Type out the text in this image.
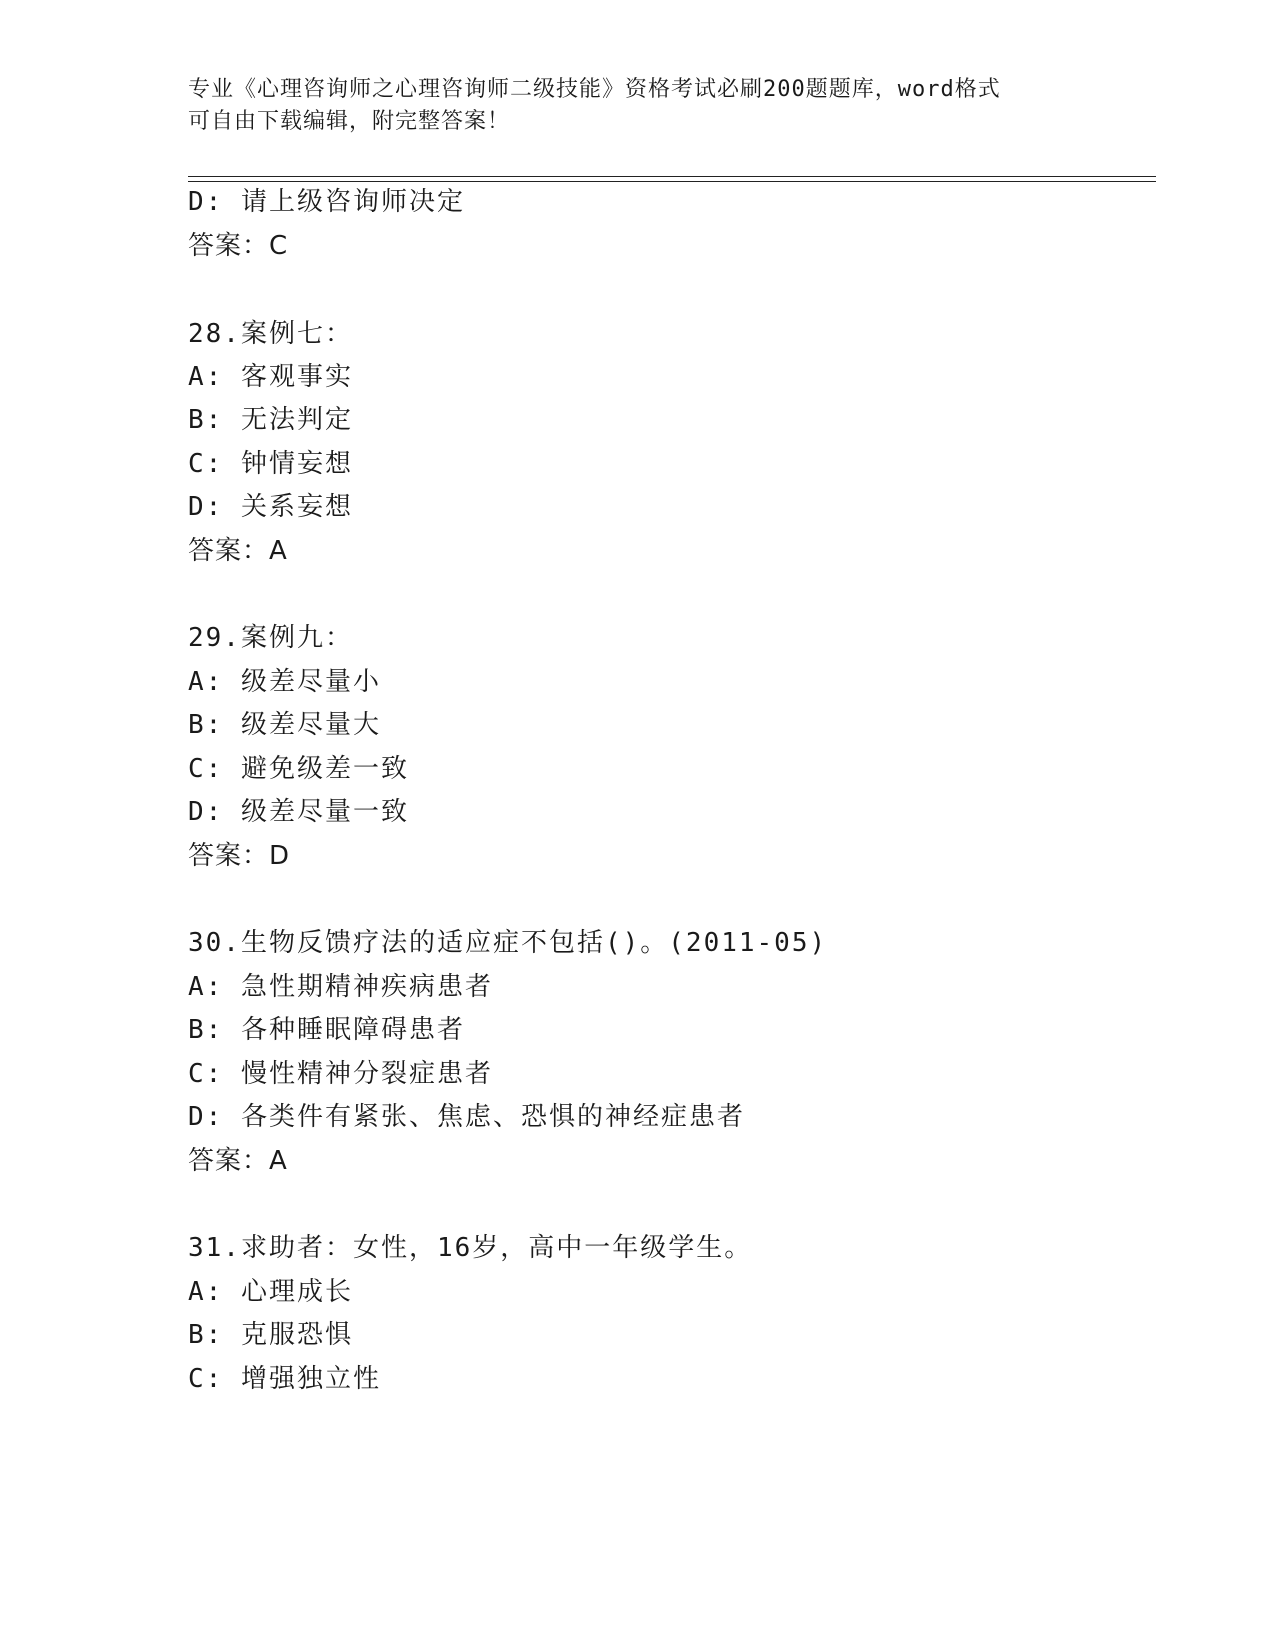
专业《心理咨询师之心理咨询师二级技能》资格考试必刷200题题库，word格式
可自由下载编辑，附完整答案！
D: 请上级咨询师决定
答案：C
28.案例七：
A: 客观事实
B: 无法判定
C: 钟情妄想
D: 关系妄想
答案：A
29.案例九：
A: 级差尽量小
B: 级差尽量大
C: 避免级差一致
D: 级差尽量一致
答案：D
30.生物反馈疗法的适应症不包括()。(2011-05)
A: 急性期精神疾病患者
B: 各种睡眠障碍患者
C: 慢性精神分裂症患者
D: 各类件有紧张、焦虑、恐惧的神经症患者
答案：A
31.求助者：女性，16岁，高中一年级学生。
A: 心理成长
B: 克服恐惧
C: 增强独立性
